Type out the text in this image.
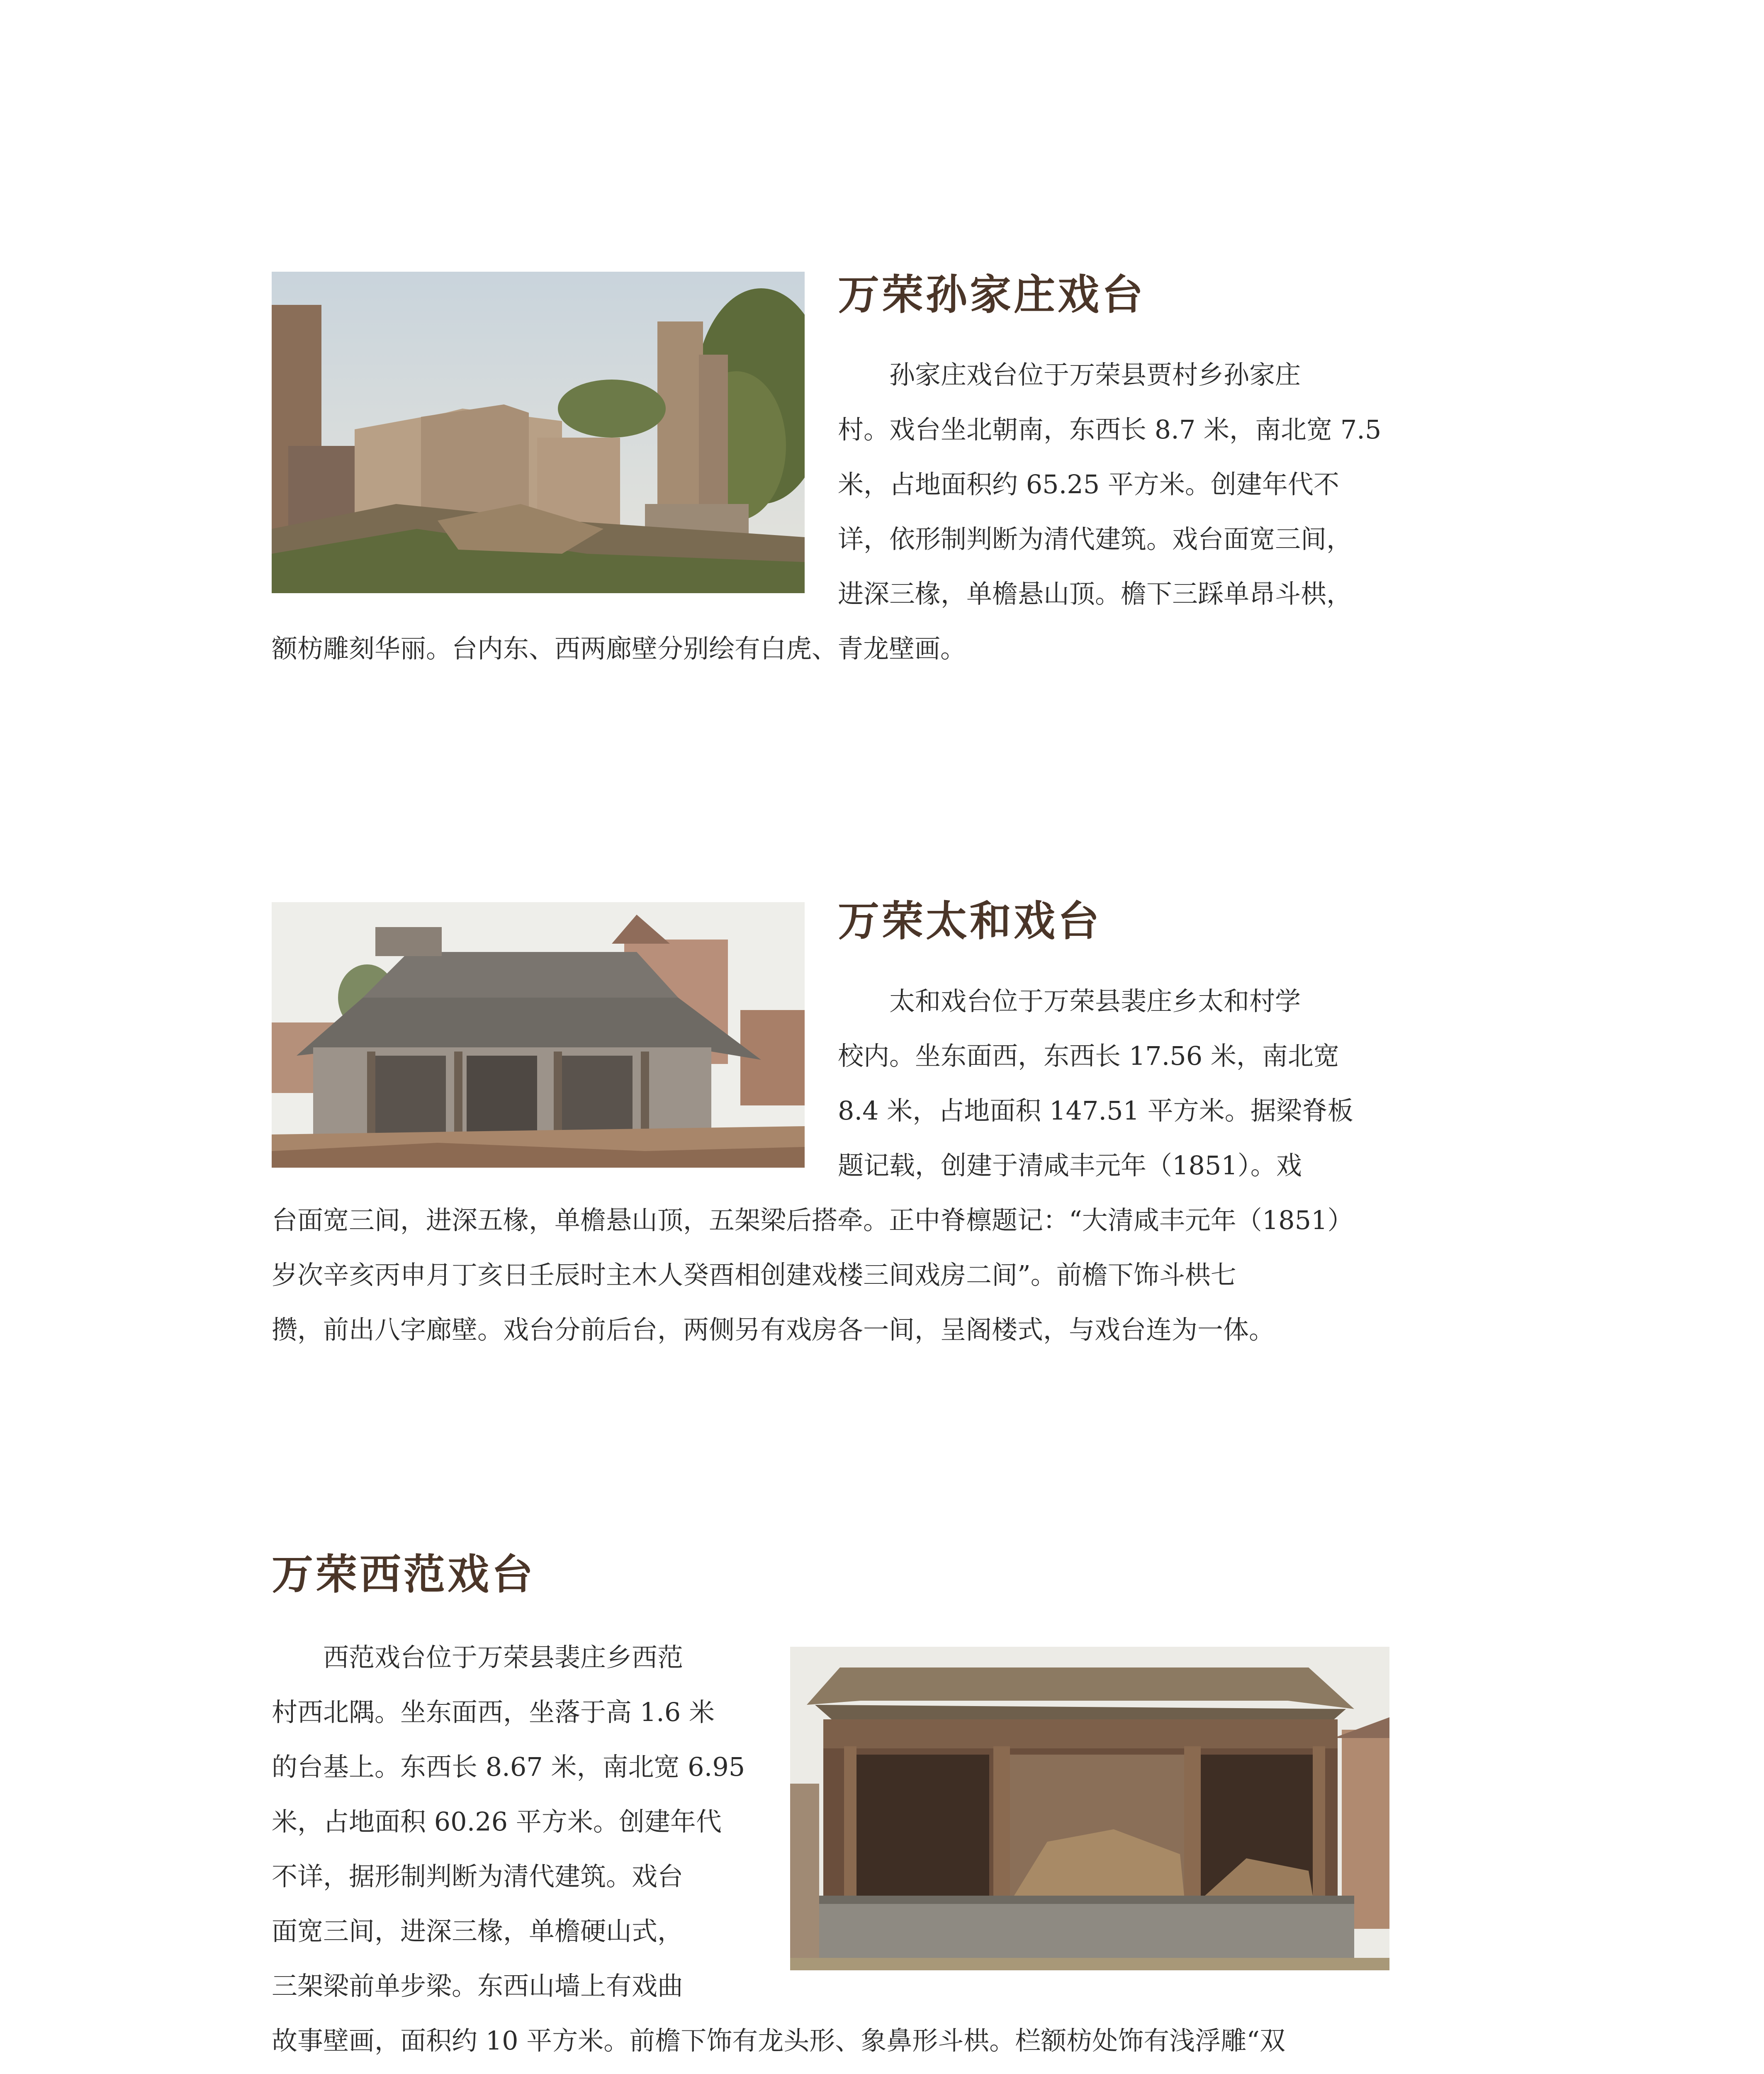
万荣孙家庄戏台
孙家庄戏台位于万荣县贾村乡孙家庄
村。戏台坐北朝南，东西长 8.7 米，南北宽 7.5
米，占地面积约 65.25 平方米。创建年代不
详，依形制判断为清代建筑。戏台面宽三间，
进深三椽，单檐悬山顶。檐下三踩单昂斗栱，
额枋雕刻华丽。台内东、西两廊壁分别绘有白虎、青龙壁画。
万荣太和戏台
太和戏台位于万荣县裴庄乡太和村学
校内。坐东面西，东西长 17.56 米，南北宽
8.4 米，占地面积 147.51 平方米。据梁脊板
题记载，创建于清咸丰元年（1851）。戏
台面宽三间，进深五椽，单檐悬山顶，五架梁后搭牵。正中脊檩题记：“大清咸丰元年（1851）
岁次辛亥丙申月丁亥日壬辰时主木人癸酉相创建戏楼三间戏房二间”。前檐下饰斗栱七
攒，前出八字廊壁。戏台分前后台，两侧另有戏房各一间，呈阁楼式，与戏台连为一体。
万荣西范戏台
西范戏台位于万荣县裴庄乡西范
村西北隅。坐东面西，坐落于高 1.6 米
的台基上。东西长 8.67 米，南北宽 6.95
米，占地面积 60.26 平方米。创建年代
不详，据形制判断为清代建筑。戏台
面宽三间，进深三椽，单檐硬山式，
三架梁前单步梁。东西山墙上有戏曲
故事壁画，面积约 10 平方米。前檐下饰有龙头形、象鼻形斗栱。栏额枋处饰有浅浮雕“双
